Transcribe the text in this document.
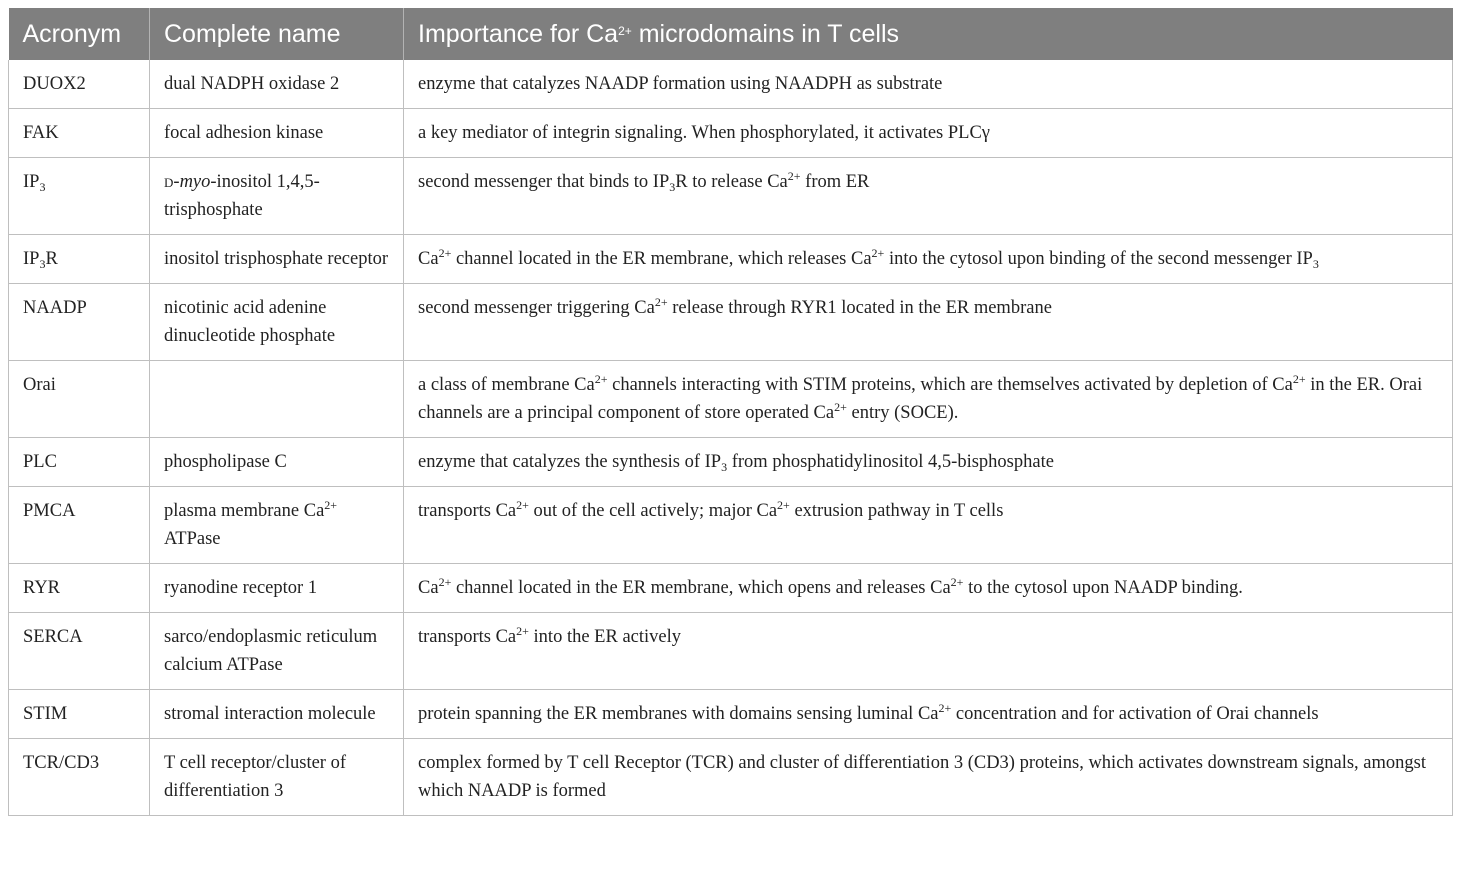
Acronym	Complete name	Importance for $Ca^{2+}$ microdomains in T cells
DUOX2	dual NADPH oxidase 2	enzyme that catalyzes NAADP formation using NAADPH as substrate
FAK	focal adhesion kinase	a key mediator of integrin signaling. When phosphorylated, it activates PLCγ
$IP_3$	d-myo-inositol 1,4,5-trisphosphate	second messenger that binds to $IP_3R$ to release $Ca^{2+}$ from ER
$IP_3R$	inositol trisphosphate receptor	$Ca^{2+}$ channel located in the ER membrane, which releases $Ca^{2+}$ into the cytosol upon binding of the second messenger $IP_3$
NAADP	nicotinic acid adenine dinucleotide phosphate	second messenger triggering $Ca^{2+}$ release through RYR1 located in the ER membrane
Orai		a class of membrane $Ca^{2+}$ channels interacting with STIM proteins, which are themselves activated by depletion of $Ca^{2+}$ in the ER. Orai channels are a principal component of store operated $Ca^{2+}$ entry (SOCE).
PLC	phospholipase C	enzyme that catalyzes the synthesis of $IP_3$ from phosphatidylinositol 4,5-bisphosphate
PMCA	plasma membrane $Ca^{2+}$ ATPase	transports $Ca^{2+}$ out of the cell actively; major $Ca^{2+}$ extrusion pathway in T cells
RYR	ryanodine receptor 1	$Ca^{2+}$ channel located in the ER membrane, which opens and releases $Ca^{2+}$ to the cytosol upon NAADP binding.
SERCA	sarco/endoplasmic reticulum calcium ATPase	transports $Ca^{2+}$ into the ER actively
STIM	stromal interaction molecule	protein spanning the ER membranes with domains sensing luminal $Ca^{2+}$ concentration and for activation of Orai channels
TCR/CD3	T cell receptor/cluster of differentiation 3	complex formed by T cell Receptor (TCR) and cluster of differentiation 3 (CD3) proteins, which activates downstream signals, amongst which NAADP is formed
